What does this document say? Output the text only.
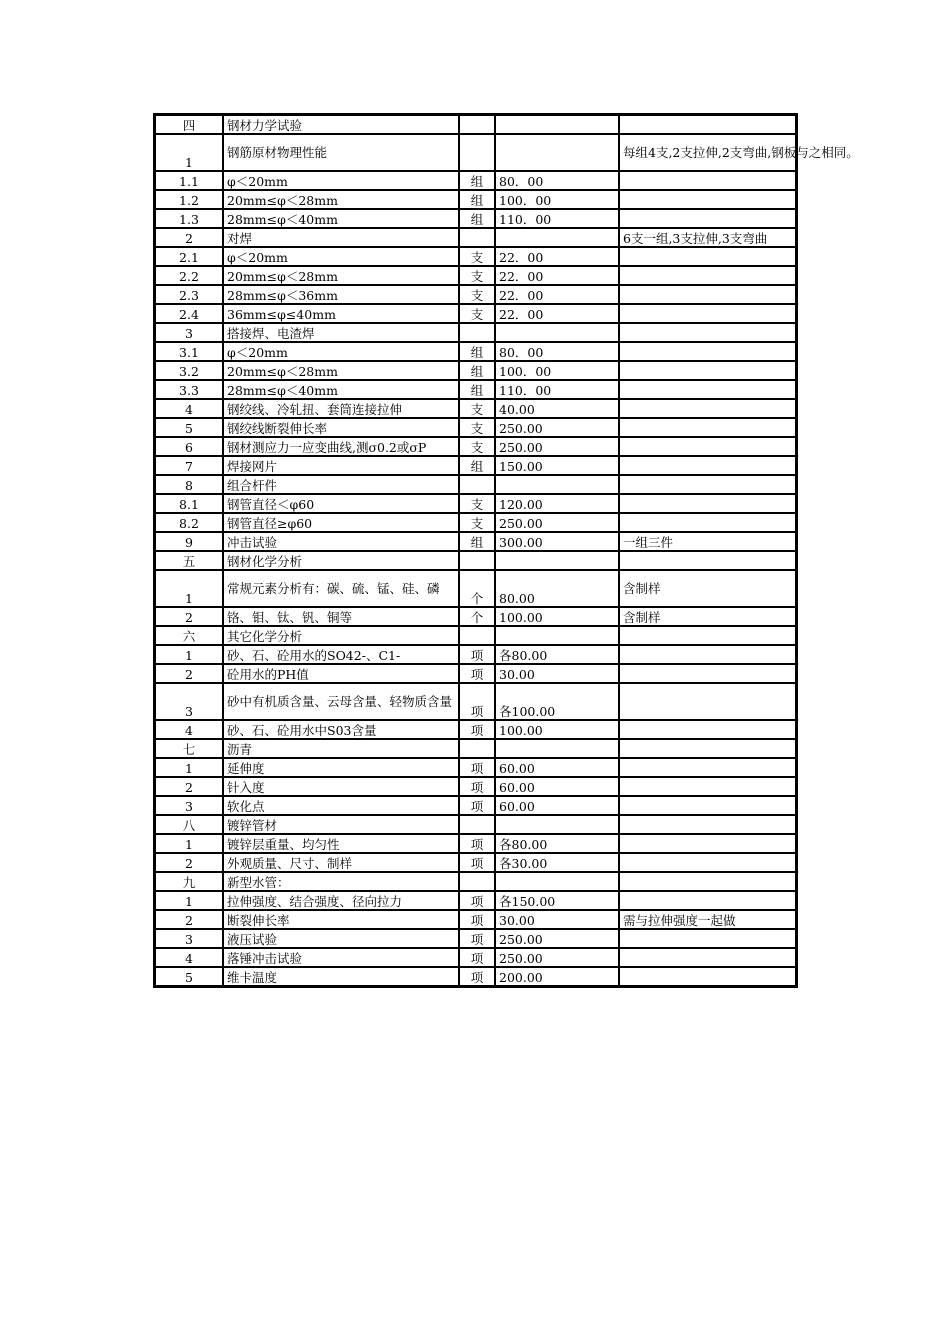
四	钢材力学试验			
1	钢筋原材物理性能			每组4支,2支拉伸,2支弯曲,钢板与之相同。
1.1	φ＜20mm	组	80．00	
1.2	20mm≤φ＜28mm	组	100．00	
1.3	28mm≤φ＜40mm	组	110．00	
2	对焊			6支一组,3支拉伸,3支弯曲
2.1	φ＜20mm	支	22．00	
2.2	20mm≤φ＜28mm	支	22．00	
2.3	28mm≤φ＜36mm	支	22．00	
2.4	36mm≤φ≤40mm	支	22．00	
3	搭接焊、电渣焊			
3.1	φ＜20mm	组	80．00	
3.2	20mm≤φ＜28mm	组	100．00	
3.3	28mm≤φ＜40mm	组	110．00	
4	钢绞线、冷轧扭、套筒连接拉伸	支	40.00	
5	钢绞线断裂伸长率	支	250.00	
6	钢材测应力一应变曲线,测σ0.2或σP	支	250.00	
7	焊接网片	组	150.00	
8	组合杆件			
8.1	钢管直径＜φ60	支	120.00	
8.2	钢管直径≥φ60	支	250.00	
9	冲击试验	组	300.00	一组三件
五	钢材化学分析			
1	常规元素分析有：碳、硫、锰、硅、磷	个	80.00	含制样
2	铬、钼、钛、钒、铜等	个	100.00	含制样
六	其它化学分析			
1	砂、石、砼用水的SO42-、C1-	项	各80.00	
2	砼用水的PH值	项	30.00	
3	砂中有机质含量、云母含量、轻物质含量	项	各100.00	
4	砂、石、砼用水中S03含量	项	100.00	
七	沥青			
1	延伸度	项	60.00	
2	针入度	项	60.00	
3	软化点	项	60.00	
八	镀锌管材			
1	镀锌层重量、均匀性	项	各80.00	
2	外观质量、尺寸、制样	项	各30.00	
九	新型水管：			
1	拉伸强度、结合强度、径向拉力	项	各150.00	
2	断裂伸长率	项	30.00	需与拉伸强度一起做
3	液压试验	项	250.00	
4	落锤冲击试验	项	250.00	
5	维卡温度	项	200.00	
